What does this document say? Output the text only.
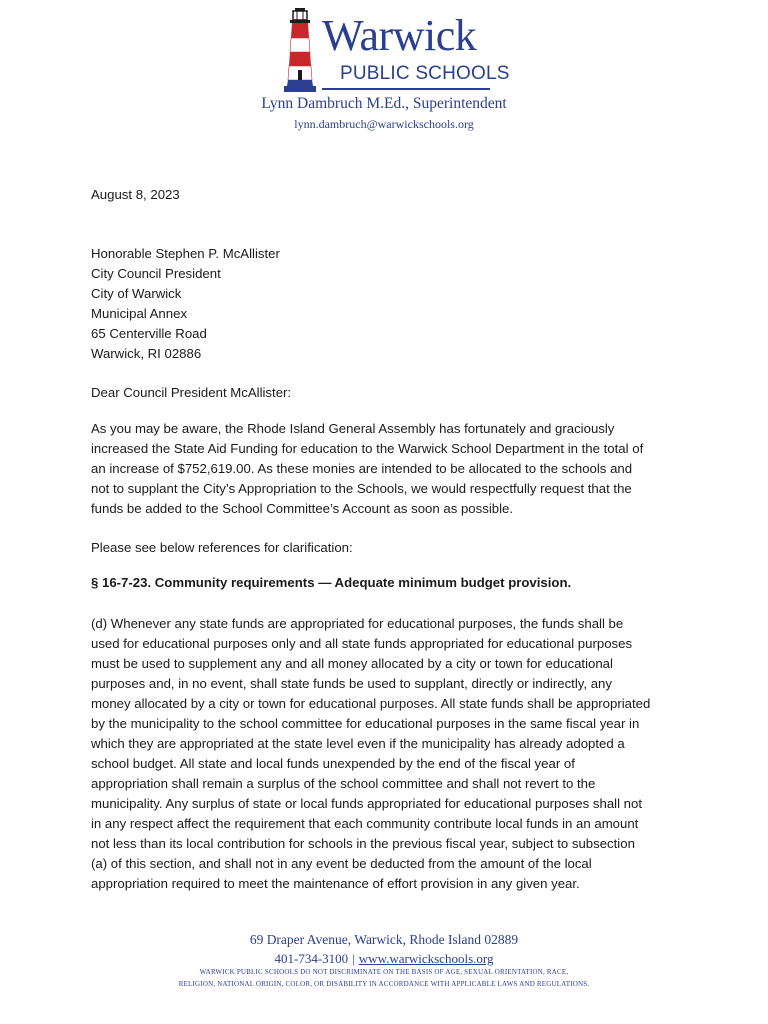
Warwick
PUBLIC SCHOOLS
Lynn Dambruch M.Ed., Superintendent
lynn.dambruch@warwickschools.org
August 8, 2023
Honorable Stephen P. McAllister
City Council President
City of Warwick
Municipal Annex
65 Centerville Road
Warwick, RI 02886
Dear Council President McAllister:
As you may be aware, the Rhode Island General Assembly has fortunately and graciously
increased the State Aid Funding for education to the Warwick School Department in the total of
an increase of $752,619.00. As these monies are intended to be allocated to the schools and
not to supplant the City’s Appropriation to the Schools, we would respectfully request that the
funds be added to the School Committee’s Account as soon as possible.
Please see below references for clarification:
§ 16-7-23. Community requirements — Adequate minimum budget provision.
(d) Whenever any state funds are appropriated for educational purposes, the funds shall be
used for educational purposes only and all state funds appropriated for educational purposes
must be used to supplement any and all money allocated by a city or town for educational
purposes and, in no event, shall state funds be used to supplant, directly or indirectly, any
money allocated by a city or town for educational purposes. All state funds shall be appropriated
by the municipality to the school committee for educational purposes in the same fiscal year in
which they are appropriated at the state level even if the municipality has already adopted a
school budget. All state and local funds unexpended by the end of the fiscal year of
appropriation shall remain a surplus of the school committee and shall not revert to the
municipality. Any surplus of state or local funds appropriated for educational purposes shall not
in any respect affect the requirement that each community contribute local funds in an amount
not less than its local contribution for schools in the previous fiscal year, subject to subsection
(a) of this section, and shall not in any event be deducted from the amount of the local
appropriation required to meet the maintenance of effort provision in any given year.
69 Draper Avenue, Warwick, Rhode Island 02889
401-734-3100 | www.warwickschools.org
WARWICK PUBLIC SCHOOLS DO NOT DISCRIMINATE ON THE BASIS OF AGE, SEXUAL ORIENTATION, RACE,
RELIGION, NATIONAL ORIGIN, COLOR, OR DISABILITY IN ACCORDANCE WITH APPLICABLE LAWS AND REGULATIONS.
